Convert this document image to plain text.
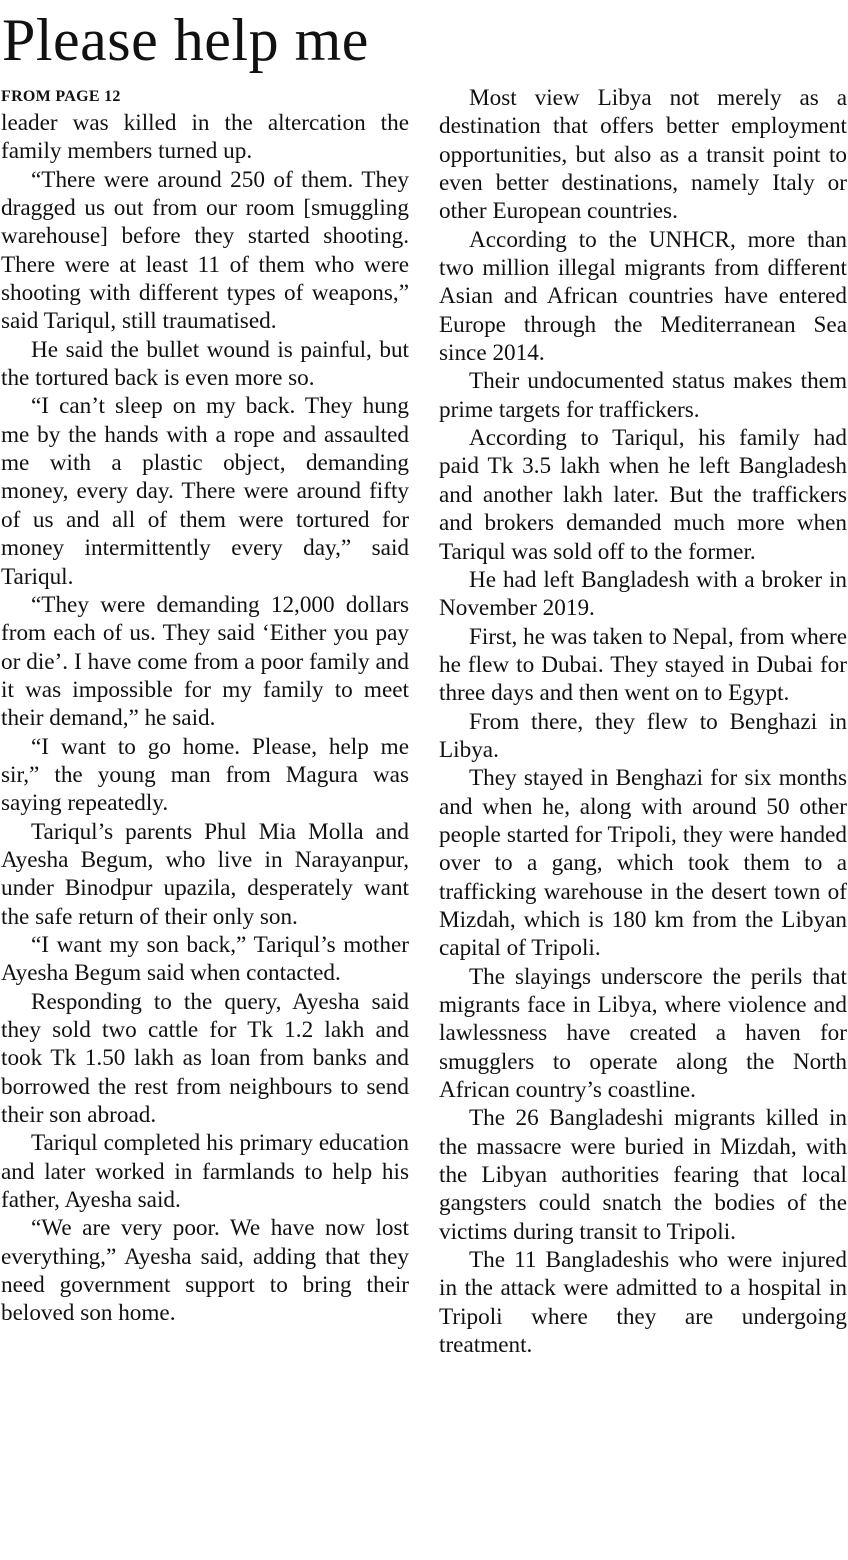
Please help me
FROM PAGE 12

leader was killed in the altercation the family members turned up.

“There were around 250 of them. They dragged us out from our room [smuggling warehouse] before they started shooting. There were at least 11 of them who were shooting with different types of weapons,” said Tariqul, still traumatised.

He said the bullet wound is painful, but the tortured back is even more so.

“I can’t sleep on my back. They hung me by the hands with a rope and assaulted me with a plastic object, demanding money, every day. There were around fifty of us and all of them were tortured for money intermittently every day,” said Tariqul.

“They were demanding 12,000 dollars from each of us. They said ‘Either you pay or die’. I have come from a poor family and it was impossible for my family to meet their demand,” he said.

“I want to go home. Please, help me sir,” the young man from Magura was saying repeatedly.

Tariqul’s parents Phul Mia Molla and Ayesha Begum, who live in Narayanpur, under Binodpur upazila, desperately want the safe return of their only son.

“I want my son back,” Tariqul’s mother Ayesha Begum said when contacted.

Responding to the query, Ayesha said they sold two cattle for Tk 1.2 lakh and took Tk 1.50 lakh as loan from banks and borrowed the rest from neighbours to send their son abroad.

Tariqul completed his primary education and later worked in farmlands to help his father, Ayesha said.

“We are very poor. We have now lost everything,” Ayesha said, adding that they need government support to bring their beloved son home.

Most view Libya not merely as a destination that offers better employment opportunities, but also as a transit point to even better destinations, namely Italy or other European countries.

According to the UNHCR, more than two million illegal migrants from different Asian and African countries have entered Europe through the Mediterranean Sea since 2014.

Their undocumented status makes them prime targets for traffickers.

According to Tariqul, his family had paid Tk 3.5 lakh when he left Bangladesh and another lakh later. But the traffickers and brokers demanded much more when Tariqul was sold off to the former.

He had left Bangladesh with a broker in November 2019.

First, he was taken to Nepal, from where he flew to Dubai. They stayed in Dubai for three days and then went on to Egypt.

From there, they flew to Benghazi in Libya.

They stayed in Benghazi for six months and when he, along with around 50 other people started for Tripoli, they were handed over to a gang, which took them to a trafficking warehouse in the desert town of Mizdah, which is 180 km from the Libyan capital of Tripoli.

The slayings underscore the perils that migrants face in Libya, where violence and lawlessness have created a haven for smugglers to operate along the North African country’s coastline.

The 26 Bangladeshi migrants killed in the massacre were buried in Mizdah, with the Libyan authorities fearing that local gangsters could snatch the bodies of the victims during transit to Tripoli.

The 11 Bangladeshis who were injured in the attack were admitted to a hospital in Tripoli where they are undergoing treatment.
